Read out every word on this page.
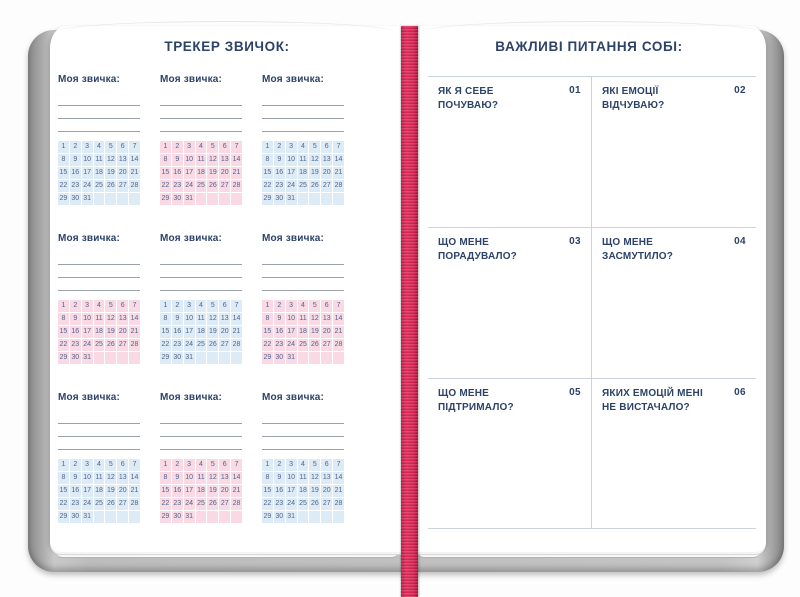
ТРЕКЕР ЗВИЧОК:
Моя звичка:
1	2	3	4	5	6	7
8	9 10 11 12 13 14
15 16 17 18 19 20 21
22 23 24 25 26 27 28
29 30 31
Моя звичка:
1	2	3	4	5	6	7
8	9 10 11 12 13 14
15 16 17 18 19 20 21
22 23 24 25 26 27 28
29 30 31
Моя звичка:
1	2	3	4	5	6	7
8	9 10 11 12 13 14
15 16 17 18 19 20 21
22 23 24 25 26 27 28
29 30 31
Моя звичка:
1	2	3	4	5	6	7
8	9 10 11 12 13 14
15 16 17 18 19 20 21
22 23 24 25 26 27 28
29 30 31
Моя звичка:
1	2	3	4	5	6	7
8	9 10 11 12 13 14
15 16 17 18 19 20 21
22 23 24 25 26 27 28
29 30 31
Моя звичка:
1	2	3	4	5	6	7
8	9 10 11 12 13 14
15 16 17 18 19 20 21
22 23 24 25 26 27 28
29 30 31
Моя звичка:
1	2	3	4	5	6	7
8	9 10 11 12 13 14
15 16 17 18 19 20 21
22 23 24 25 26 27 28
29 30 31
Моя звичка:
1	2	3	4	5	6	7
8	9 10 11 12 13 14
15 16 17 18 19 20 21
22 23 24 25 26 27 28
29 30 31
Моя звичка:
1	2	3	4	5	6	7
8	9 10 11 12 13 14
15 16 17 18 19 20 21
22 23 24 25 26 27 28
29 30 31
ВАЖЛИВІ ПИТАННЯ СОБІ:
ЯК Я СЕБЕ ПОЧУВАЮ?
01 ЯКІ ЕМОЦІЇ ВІДЧУВАЮ?
02
ЩО МЕНЕ ПОРАДУВАЛО?
03 ЩО МЕНЕ ЗАСМУТИЛО?
04
ЩО МЕНЕ ПІДТРИМАЛО?
05 ЯКИХ ЕМОЦІЙ МЕНІ НЕ ВИСТАЧАЛО?
06
